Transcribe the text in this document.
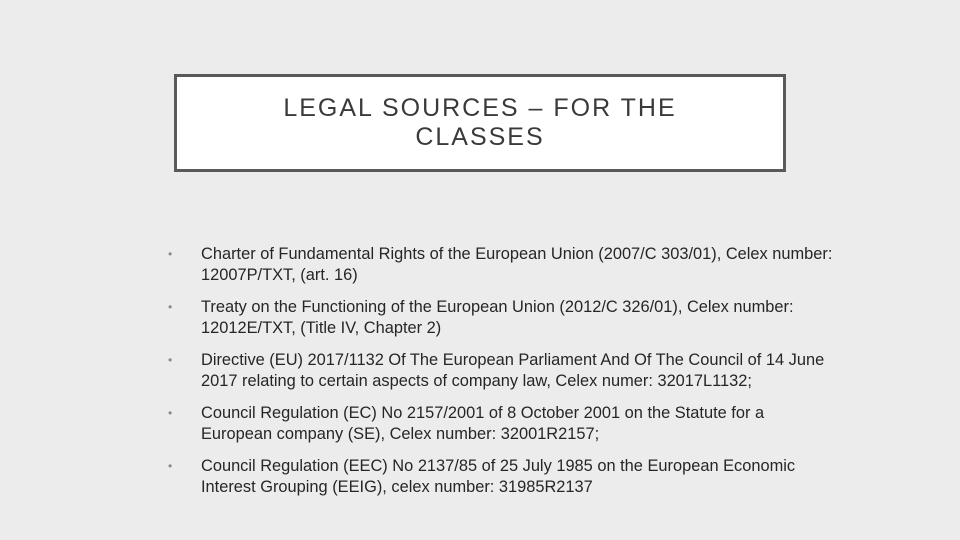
LEGAL SOURCES – FOR THE CLASSES
•	Charter of Fundamental Rights of the European Union (2007/C 303/01), Celex number: 12007P/TXT, (art. 16)
•	Treaty on the Functioning of the European Union (2012/C 326/01), Celex number: 12012E/TXT, (Title IV, Chapter 2)
•	Directive (EU) 2017/1132 Of The European Parliament And Of The Council of 14 June 2017 relating to certain aspects of company law, Celex numer: 32017L1132;
•	Council Regulation (EC) No 2157/2001 of 8 October 2001 on the Statute for a European company (SE), Celex number: 32001R2157;
•	Council Regulation (EEC) No 2137/85 of 25 July 1985 on the European Economic Interest Grouping (EEIG), celex number: 31985R2137
